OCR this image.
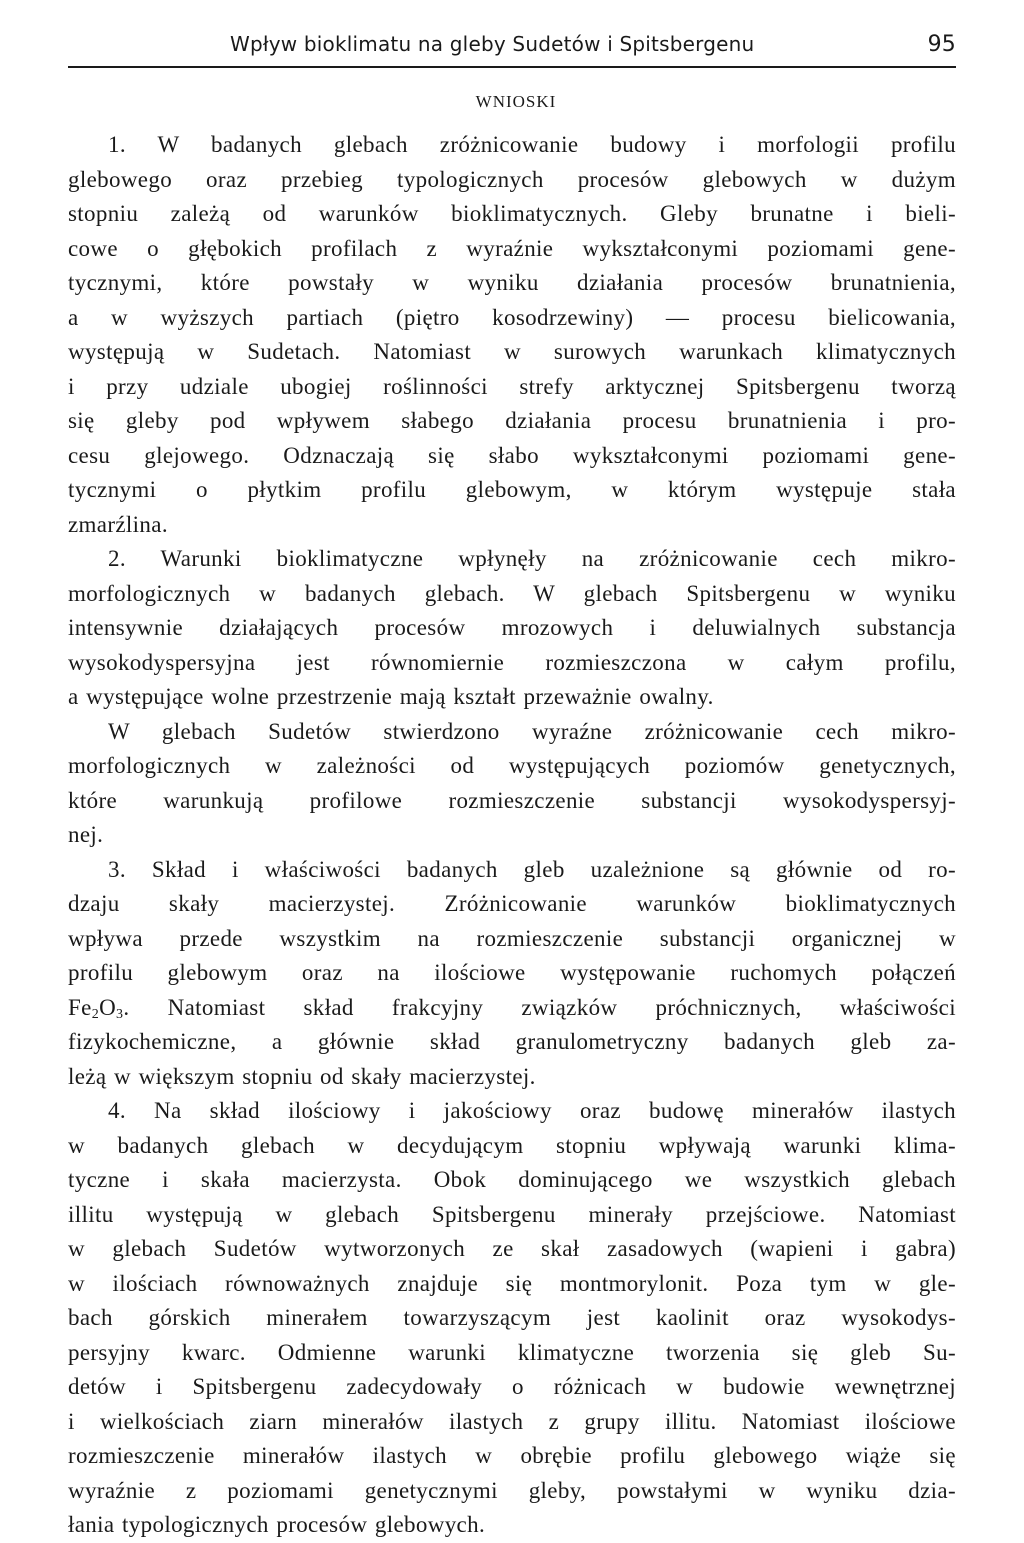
Wpływ bioklimatu na gleby Sudetów i Spitsbergenu	95
WNIOSKI

1. W badanych glebach zróżnicowanie budowy i morfologii profilu
glebowego oraz przebieg typologicznych procesów glebowych w dużym
stopniu zależą od warunków bioklimatycznych. Gleby brunatne i bieli-
cowe o głębokich profilach z wyraźnie wykształconymi poziomami gene-
tycznymi, które powstały w wyniku działania procesów brunatnienia,
a w wyższych partiach (piętro kosodrzewiny) — procesu bielicowania,
występują w Sudetach. Natomiast w surowych warunkach klimatycznych
i przy udziale ubogiej roślinności strefy arktycznej Spitsbergenu tworzą
się gleby pod wpływem słabego działania procesu brunatnienia i pro-
cesu glejowego. Odznaczają się słabo wykształconymi poziomami gene-
tycznymi o płytkim profilu glebowym, w którym występuje stała
zmarźlina.

2. Warunki bioklimatyczne wpłynęły na zróżnicowanie cech mikro-
morfologicznych w badanych glebach. W glebach Spitsbergenu w wyniku
intensywnie działających procesów mrozowych i deluwialnych substancja
wysokodyspersyjna jest równomiernie rozmieszczona w całym profilu,
a występujące wolne przestrzenie mają kształt przeważnie owalny.

W glebach Sudetów stwierdzono wyraźne zróżnicowanie cech mikro-
morfologicznych w zależności od występujących poziomów genetycznych,
które warunkują profilowe rozmieszczenie substancji wysokodyspersyj-
nej.

3. Skład i właściwości badanych gleb uzależnione są głównie od ro-
dzaju skały macierzystej. Zróżnicowanie warunków bioklimatycznych
wpływa przede wszystkim na rozmieszczenie substancji organicznej w
profilu glebowym oraz na ilościowe występowanie ruchomych połączeń
$Fe_2O_3$. Natomiast skład frakcyjny związków próchnicznych, właściwości
fizykochemiczne, a głównie skład granulometryczny badanych gleb za-
leżą w większym stopniu od skały macierzystej.

4. Na skład ilościowy i jakościowy oraz budowę minerałów ilastych
w badanych glebach w decydującym stopniu wpływają warunki klima-
tyczne i skała macierzysta. Obok dominującego we wszystkich glebach
illitu występują w glebach Spitsbergenu minerały przejściowe. Natomiast
w glebach Sudetów wytworzonych ze skał zasadowych (wapieni i gabra)
w ilościach równoważnych znajduje się montmorylonit. Poza tym w gle-
bach górskich minerałem towarzyszącym jest kaolinit oraz wysokodys-
persyjny kwarc. Odmienne warunki klimatyczne tworzenia się gleb Su-
detów i Spitsbergenu zadecydowały o różnicach w budowie wewnętrznej
i wielkościach ziarn minerałów ilastych z grupy illitu. Natomiast ilościowe
rozmieszczenie minerałów ilastych w obrębie profilu glebowego wiąże się
wyraźnie z poziomami genetycznymi gleby, powstałymi w wyniku dzia-
łania typologicznych procesów glebowych.
